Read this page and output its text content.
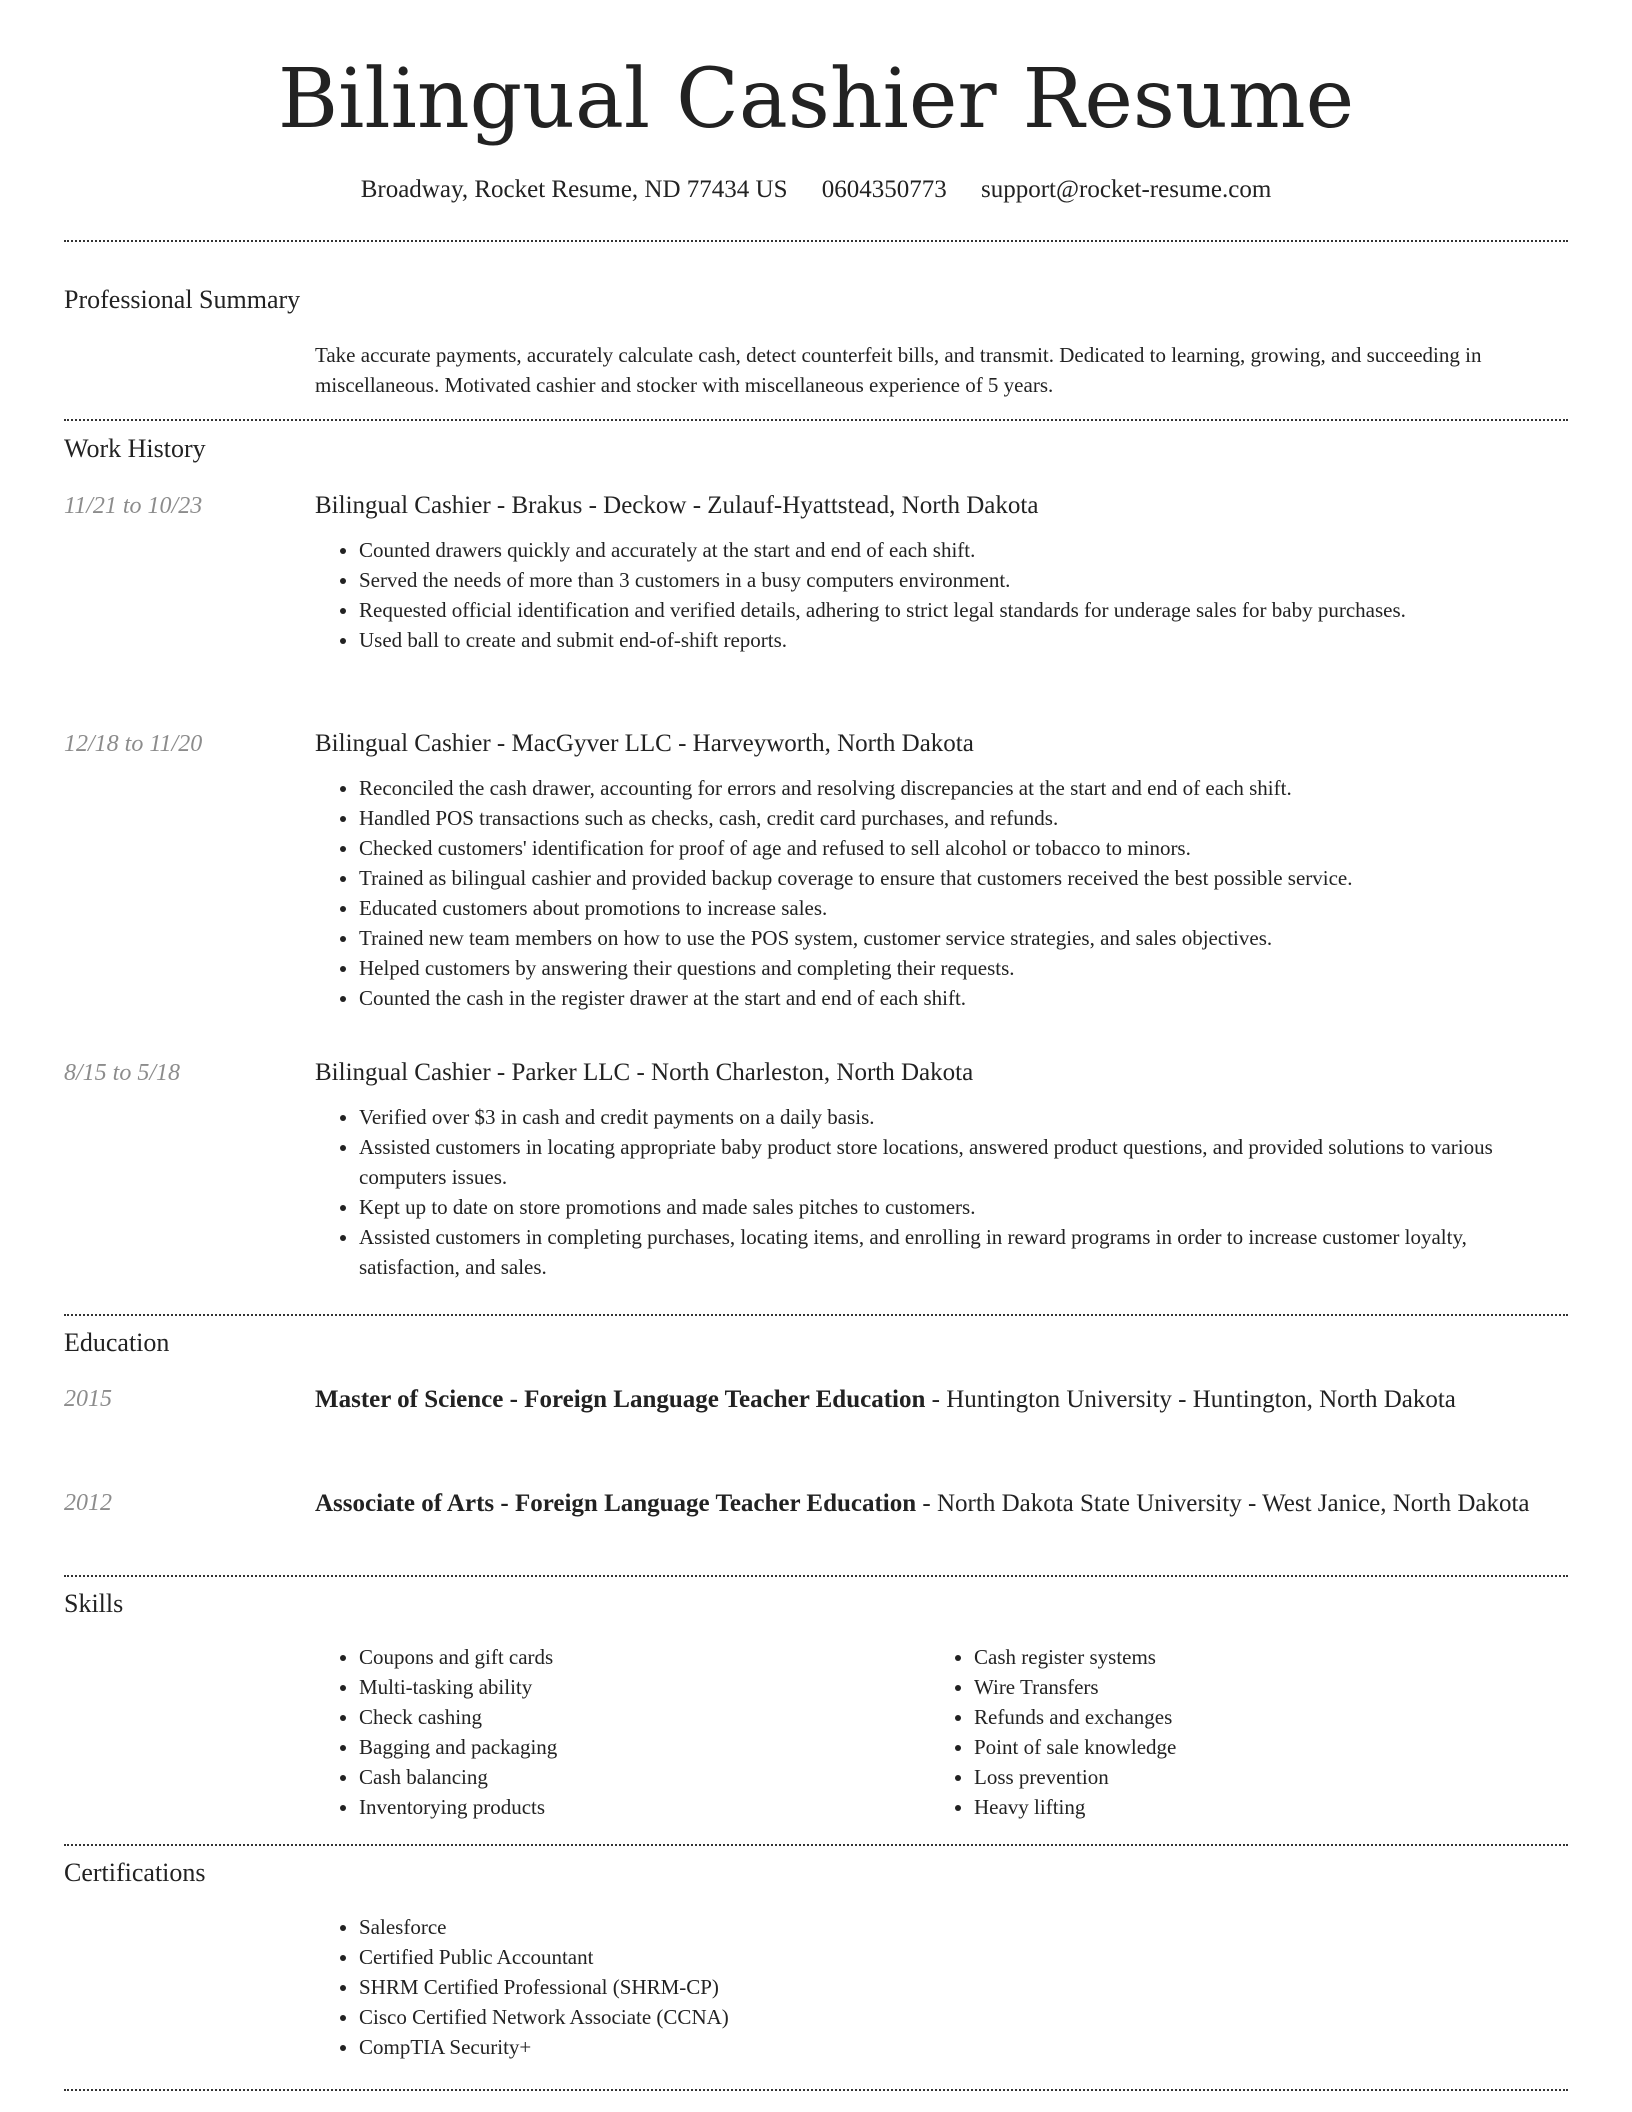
Bilingual Cashier Resume
Broadway, Rocket Resume, ND 77434 US 0604350773 support@rocket-resume.com
Professional Summary
Take accurate payments, accurately calculate cash, detect counterfeit bills, and transmit. Dedicated to learning, growing, and succeeding in miscellaneous. Motivated cashier and stocker with miscellaneous experience of 5 years.
Work History
11/21 to 10/23	Bilingual Cashier - Brakus - Deckow - Zulauf-Hyattstead, North Dakota
• Counted drawers quickly and accurately at the start and end of each shift.
• Served the needs of more than 3 customers in a busy computers environment.
• Requested official identification and verified details, adhering to strict legal standards for underage sales for baby purchases.
• Used ball to create and submit end-of-shift reports.
12/18 to 11/20	Bilingual Cashier - MacGyver LLC - Harveyworth, North Dakota
• Reconciled the cash drawer, accounting for errors and resolving discrepancies at the start and end of each shift.
• Handled POS transactions such as checks, cash, credit card purchases, and refunds.
• Checked customers' identification for proof of age and refused to sell alcohol or tobacco to minors.
• Trained as bilingual cashier and provided backup coverage to ensure that customers received the best possible service.
• Educated customers about promotions to increase sales.
• Trained new team members on how to use the POS system, customer service strategies, and sales objectives.
• Helped customers by answering their questions and completing their requests.
• Counted the cash in the register drawer at the start and end of each shift.
8/15 to 5/18	Bilingual Cashier - Parker LLC - North Charleston, North Dakota
• Verified over $3 in cash and credit payments on a daily basis.
• Assisted customers in locating appropriate baby product store locations, answered product questions, and provided solutions to various computers issues.
• Kept up to date on store promotions and made sales pitches to customers.
• Assisted customers in completing purchases, locating items, and enrolling in reward programs in order to increase customer loyalty, satisfaction, and sales.
Education
2015	Master of Science - Foreign Language Teacher Education - Huntington University - Huntington, North Dakota
2012	Associate of Arts - Foreign Language Teacher Education - North Dakota State University - West Janice, North Dakota
Skills
• Coupons and gift cards
• Multi-tasking ability
• Check cashing
• Bagging and packaging
• Cash balancing
• Inventorying products
• Cash register systems
• Wire Transfers
• Refunds and exchanges
• Point of sale knowledge
• Loss prevention
• Heavy lifting
Certifications
• Salesforce
• Certified Public Accountant
• SHRM Certified Professional (SHRM-CP)
• Cisco Certified Network Associate (CCNA)
• CompTIA Security+
